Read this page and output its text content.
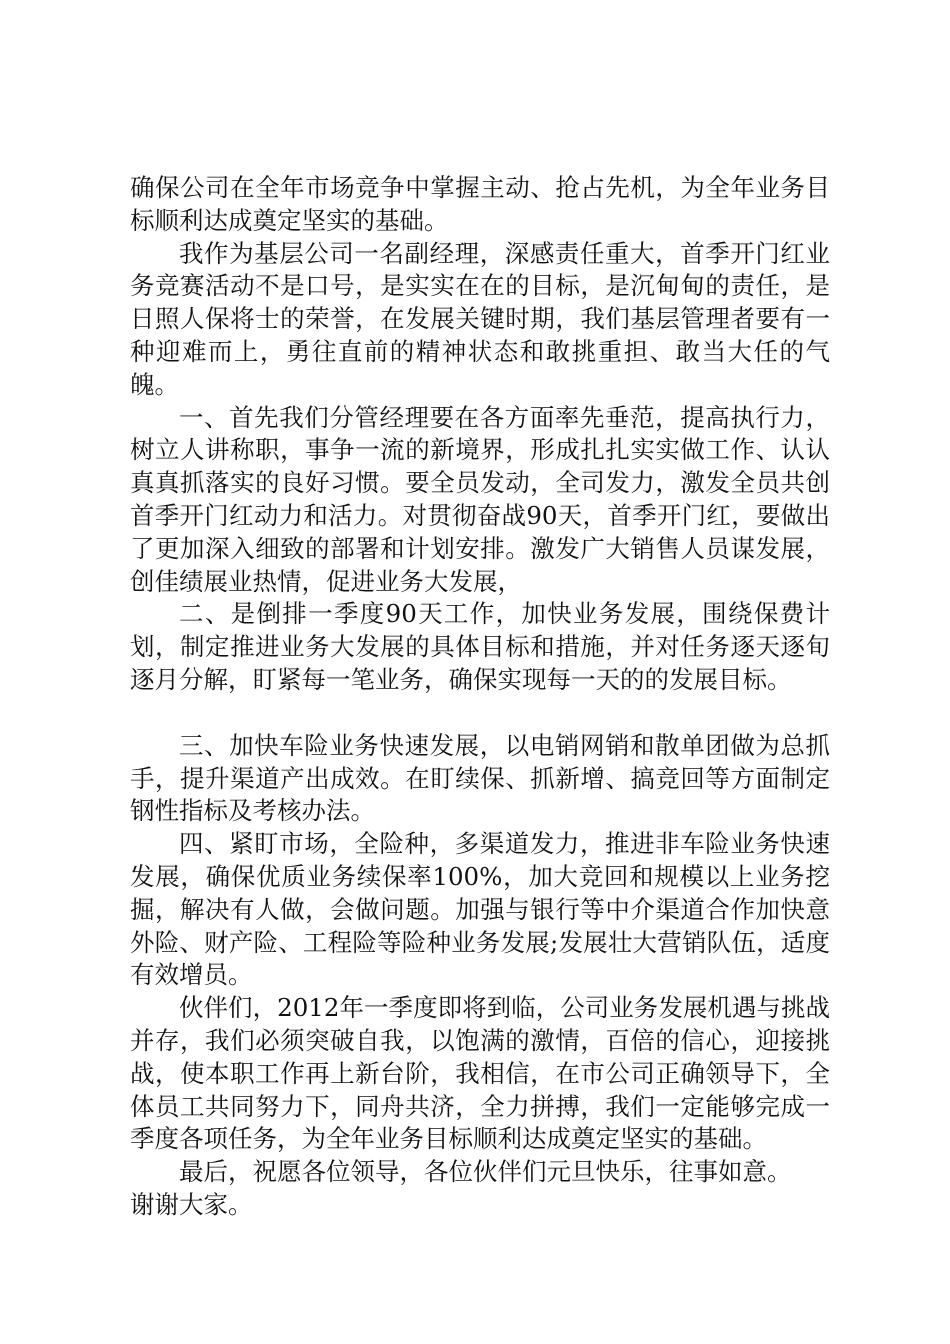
确保公司在全年市场竞争中掌握主动、抢占先机，为全年业务目标顺利达成奠定坚实的基础。

我作为基层公司一名副经理，深感责任重大，首季开门红业务竞赛活动不是口号，是实实在在的目标，是沉甸甸的责任，是日照人保将士的荣誉，在发展关键时期，我们基层管理者要有一种迎难而上，勇往直前的精神状态和敢挑重担、敢当大任的气魄。

一、首先我们分管经理要在各方面率先垂范，提高执行力，树立人讲称职，事争一流的新境界，形成扎扎实实做工作、认认真真抓落实的良好习惯。要全员发动，全司发力，激发全员共创首季开门红动力和活力。对贯彻奋战90天，首季开门红，要做出了更加深入细致的部署和计划安排。激发广大销售人员谋发展，创佳绩展业热情，促进业务大发展，

二、是倒排一季度90天工作，加快业务发展，围绕保费计划，制定推进业务大发展的具体目标和措施，并对任务逐天逐旬逐月分解，盯紧每一笔业务，确保实现每一天的的发展目标。

三、加快车险业务快速发展，以电销网销和散单团做为总抓手，提升渠道产出成效。在盯续保、抓新增、搞竞回等方面制定钢性指标及考核办法。

四、紧盯市场，全险种，多渠道发力，推进非车险业务快速发展，确保优质业务续保率100%，加大竞回和规模以上业务挖掘，解决有人做，会做问题。加强与银行等中介渠道合作加快意外险、财产险、工程险等险种业务发展;发展壮大营销队伍，适度有效增员。

伙伴们，2012年一季度即将到临，公司业务发展机遇与挑战并存，我们必须突破自我，以饱满的激情，百倍的信心，迎接挑战，使本职工作再上新台阶，我相信，在市公司正确领导下，全体员工共同努力下，同舟共济，全力拼搏，我们一定能够完成一季度各项任务，为全年业务目标顺利达成奠定坚实的基础。

最后，祝愿各位领导，各位伙伴们元旦快乐，往事如意。

谢谢大家。
